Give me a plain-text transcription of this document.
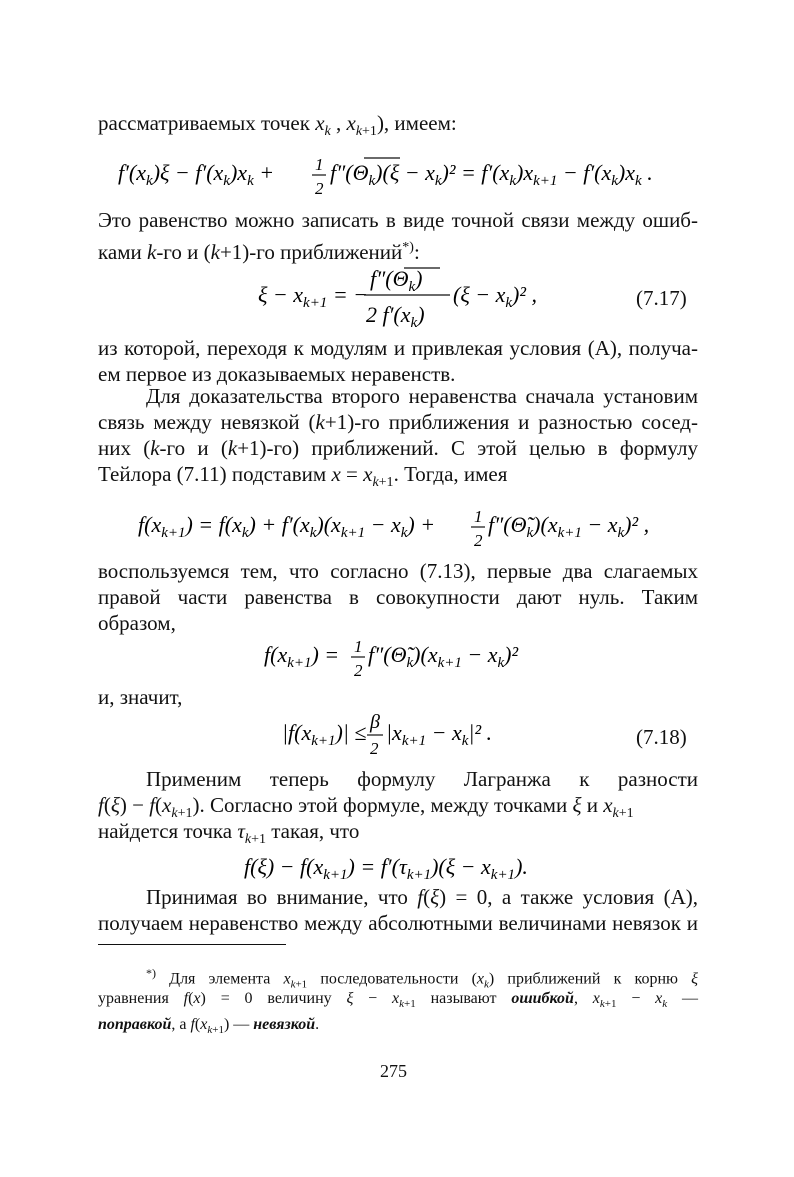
рассматриваемых точек $x_k$ , $x_{k+1}$), имеем:
$f'(x_k)\xi - f'(x_k)x_k + 1$
2
$f''(\Theta_k)(\xi - x_k)^2 = f'(x_k)x_{k+1} - f'(x_k)x_k$ .
Это равенство можно записать в виде точной связи между ошиб-
ками k-го и (k+1)-го приближений*):
$\xi - x_{k+1}$ = −
$f''(\Theta_k)$
2 $f'(x_k)$
$(\xi - x_k)^2$ ,	(7.17)
из которой, переходя к модулям и привлекая условия (А), получа-
ем первое из доказываемых неравенств.
Для доказательства второго неравенства сначала установим
связь между невязкой (k+1)-го приближения и разностью сосед-
них (k-го и (k+1)-го) приближений. С этой целью в формулу
Тейлора (7.11) подставим $x = x_{k+1}$. Тогда, имея
$f(x_{k+1}) = f(x_k) + f'(x_k)(x_{k+1} - x_k) + 1$
2
$f''(\Thetã_k)(x_{k+1} - x_k)^2$ ,
воспользуемся тем, что согласно (7.13), первые два слагаемых
правой части равенства в совокупности дают нуль. Таким
образом,
$f(x_{k+1}) = 1$
2
$f''(\Thetã_k)(x_{k+1} - x_k)^2$
и, значит,
$|f(x_{k+1})| \le \beta$
2
$|x_{k+1} - x_k|^2$ .	(7.18)
Применим теперь формулу Лагранжа к разности
$f(\xi) - f(x_{k+1})$. Согласно этой формуле, между точками ξ и $x_{k+1}$
найдется точка $\tau_{k+1}$ такая, что
$f(\xi) - f(x_{k+1}) = f'(\tau_{k+1})(\xi - x_{k+1})$.
Принимая во внимание, что f(ξ) = 0, а также условия (А),
получаем неравенство между абсолютными величинами невязок и
*) Для элемента $x_{k+1}$ последовательности $(x_k)$ приближений к корню ξ
уравнения f(x) = 0 величину $\xi - x_{k+1}$ называют ошибкой, $x_{k+1} - x_k$ —
поправкой, а $f(x_{k+1})$ — невязкой.
275
